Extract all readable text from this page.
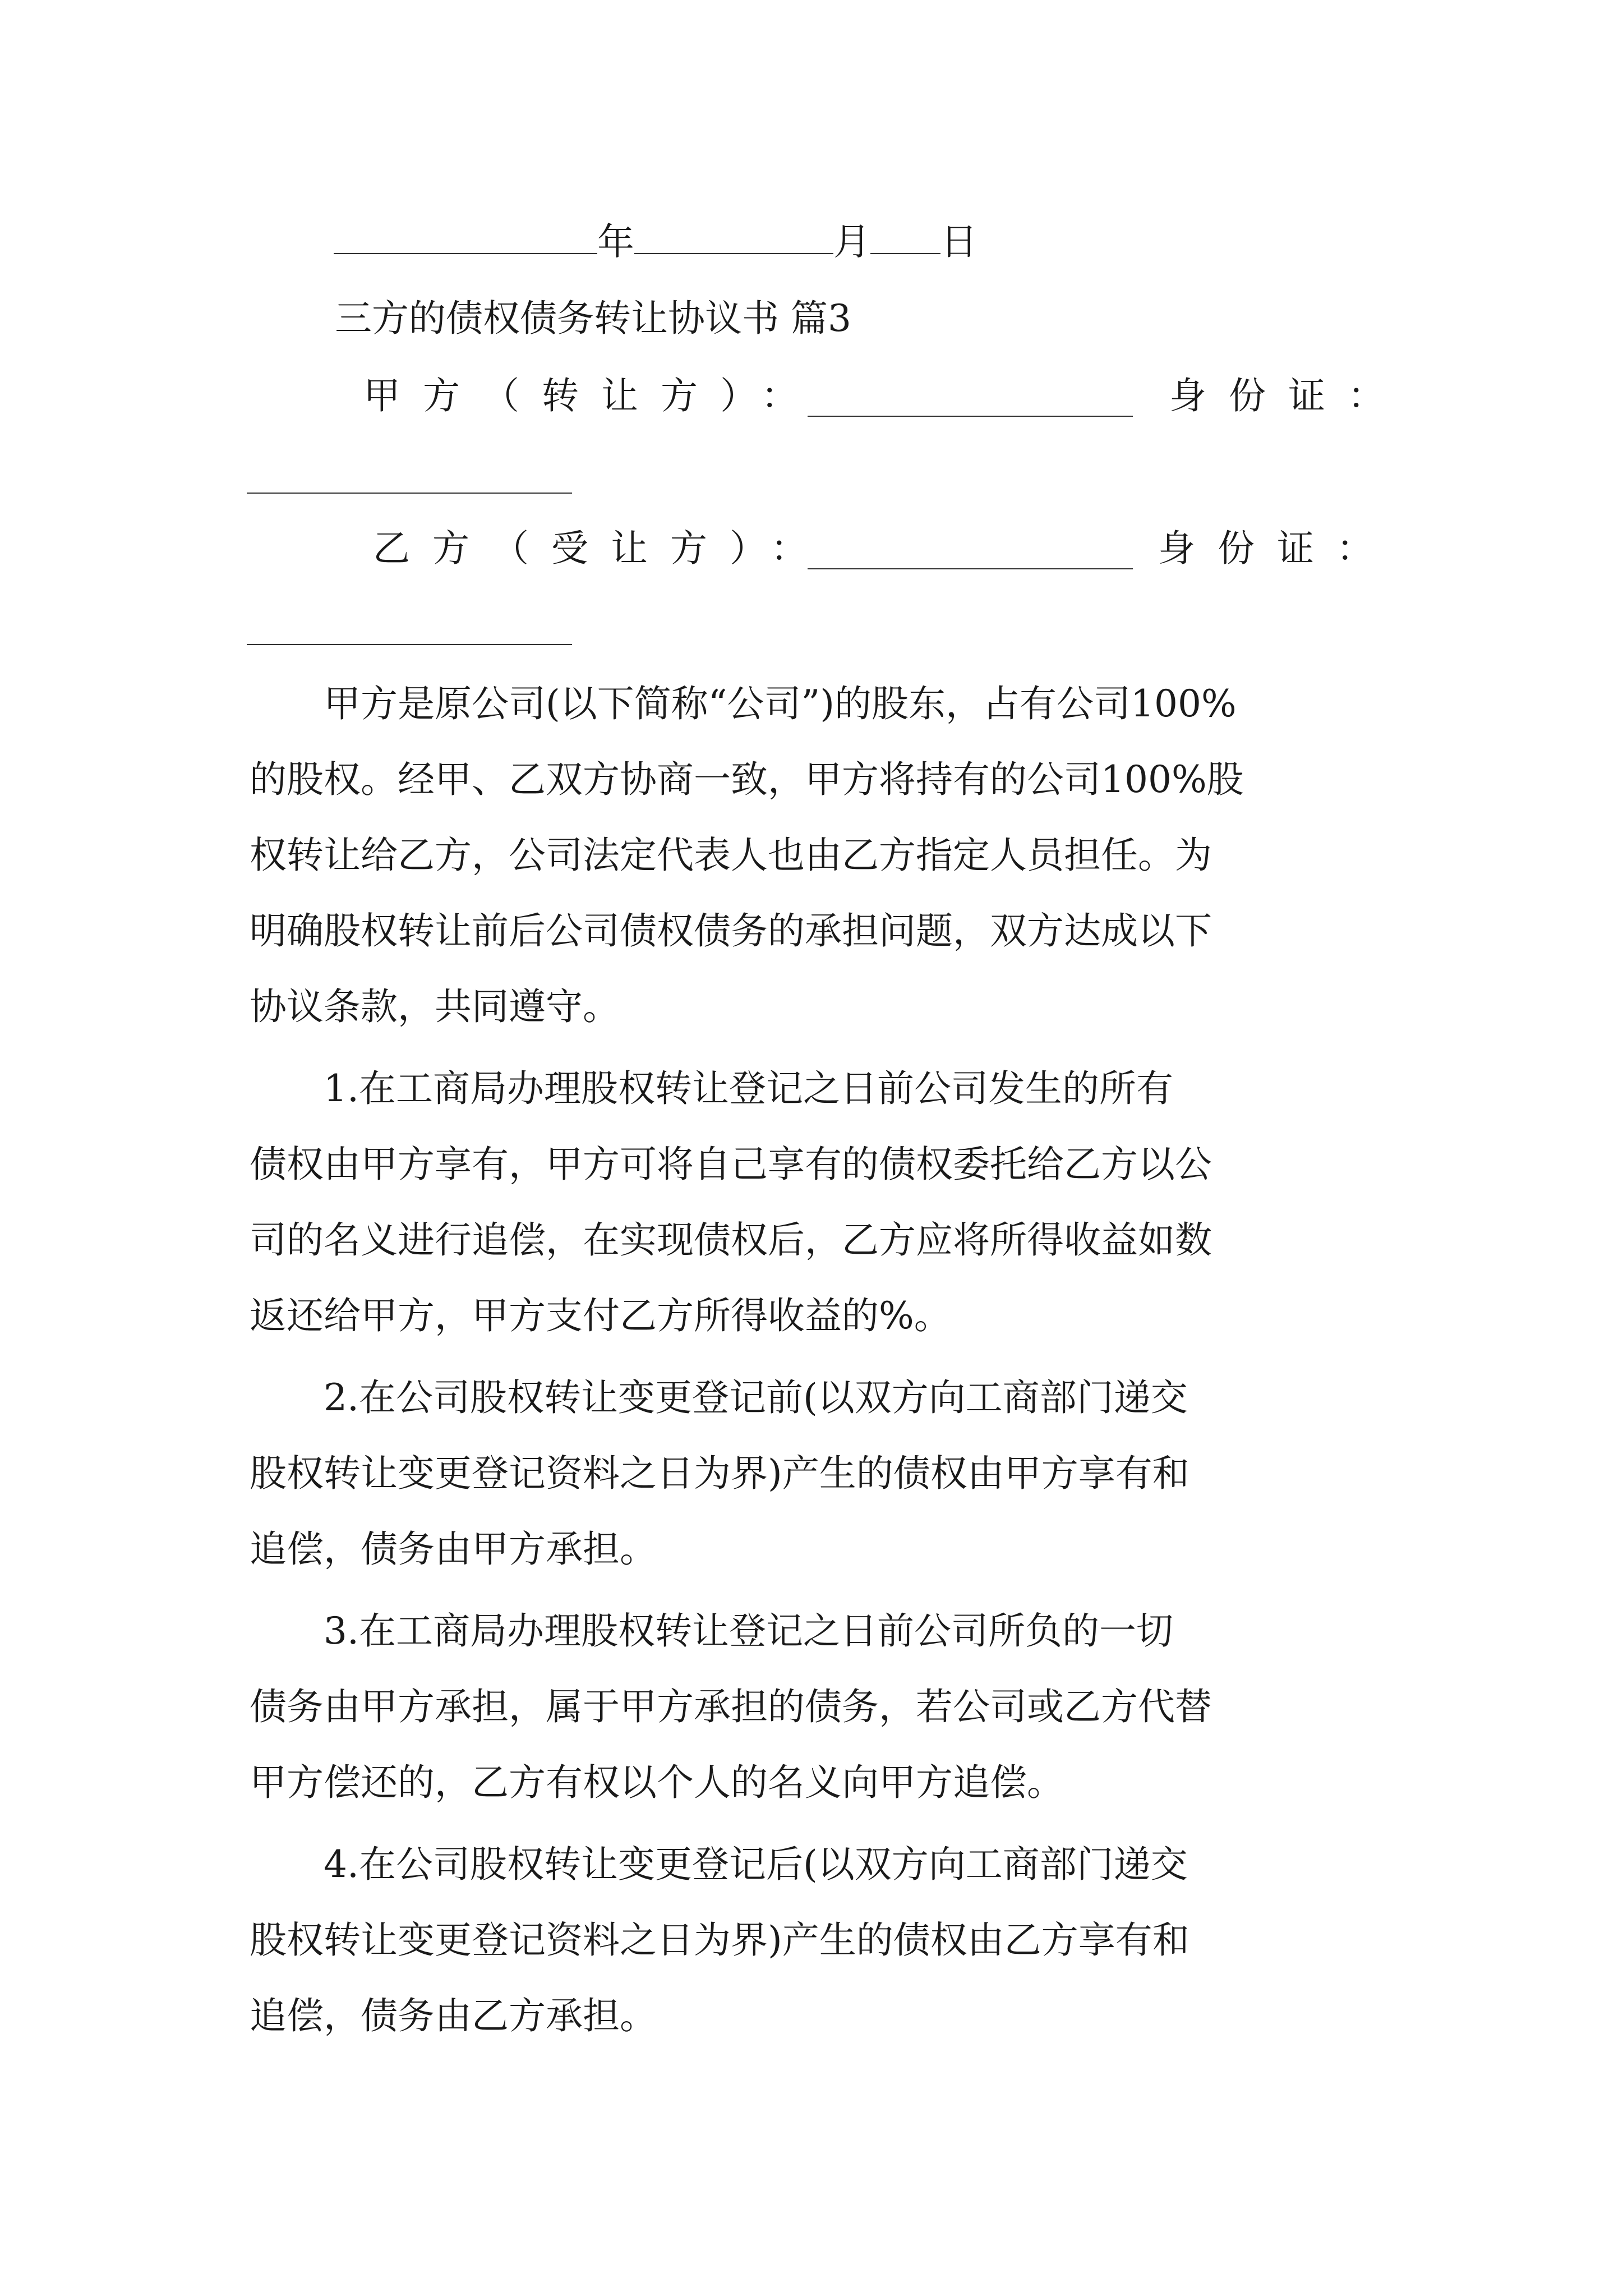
年	月 日
三方的债权债务转让协议书 篇3
甲方（转让方）：	身份证：
乙方（受让方）：	身份证：
　　甲方是原公司(以下简称“公司”)的股东，占有公司100%
的股权。经甲、乙双方协商一致，甲方将持有的公司100%股
权转让给乙方，公司法定代表人也由乙方指定人员担任。为
明确股权转让前后公司债权债务的承担问题，双方达成以下
协议条款，共同遵守。
　　1.在工商局办理股权转让登记之日前公司发生的所有
债权由甲方享有，甲方可将自己享有的债权委托给乙方以公
司的名义进行追偿，在实现债权后，乙方应将所得收益如数
返还给甲方，甲方支付乙方所得收益的%。
　　2.在公司股权转让变更登记前(以双方向工商部门递交
股权转让变更登记资料之日为界)产生的债权由甲方享有和
追偿，债务由甲方承担。
　　3.在工商局办理股权转让登记之日前公司所负的一切
债务由甲方承担，属于甲方承担的债务，若公司或乙方代替
甲方偿还的，乙方有权以个人的名义向甲方追偿。
　　4.在公司股权转让变更登记后(以双方向工商部门递交
股权转让变更登记资料之日为界)产生的债权由乙方享有和
追偿，债务由乙方承担。
